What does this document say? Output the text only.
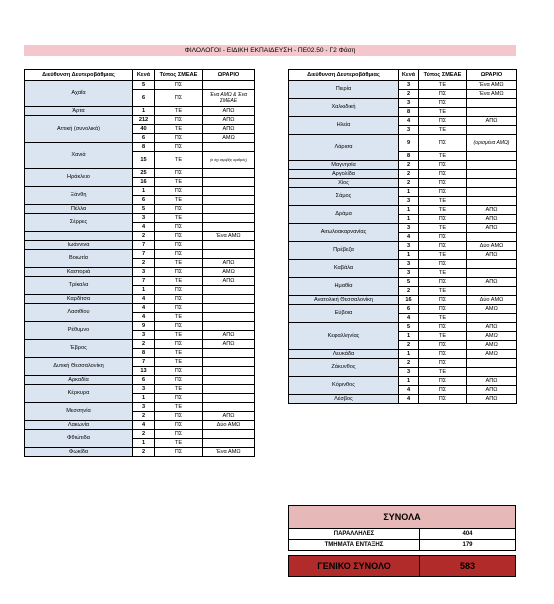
ΦΙΛΟΛΟΓΟΙ - ΕΙΔΙΚΗ ΕΚΠΑΙΔΕΥΣΗ - ΠΕ02.50 - Γ2 Φάση
Διεύθυνση Δευτεροβάθμιας	Κενά	Τύπος ΣΜΕΑΕ	ΩΡΑΡΙΟ
Αχαΐα	5	ΠΣ	
	6	ΠΣ	Ένα ΑΜΩ & Ένα ΣΜΕΑΕ
Άρτα	1	ΤΕ	ΑΠΩ
Αττική (συνολικά)	212	ΠΣ	ΑΠΩ
	40	ΤΕ	ΑΠΩ
	6	ΠΣ	ΑΜΩ
Χανιά	8	ΠΣ	
	15	ΤΕ	(ο όχι ακριβής αριθμός)
Ηράκλειο	25	ΠΣ	
	16	ΤΕ	
Ξάνθη	1	ΠΣ	
	6	ΤΕ	
Πέλλα	5	ΠΣ	
Σέρρες	3	ΤΕ	
	4	ΠΣ	
	2	ΠΣ	Ένα ΑΜΩ
Ιωάννινα	7	ΠΣ	
Βοιωτία	7	ΠΣ	
	2	ΤΕ	ΑΠΩ
Καστοριά	3	ΠΣ	ΑΜΩ
Τρίκαλα	7	ΤΕ	ΑΠΩ
	1	ΠΣ	
Καρδίτσα	4	ΠΣ	
Λασιθίου	4	ΠΣ	
	4	ΤΕ	
Ρέθυμνο	9	ΠΣ	
	3	ΤΕ	ΑΠΩ
Έβρος	2	ΠΣ	ΑΠΩ
	8	ΤΕ	
Δυτική Θεσσαλονίκη	7	ΤΕ	
	13	ΠΣ	
Αρκαδία	6	ΠΣ	
Κέρκυρα	3	ΤΕ	
	1	ΠΣ	
Μεσσηνία	3	ΤΕ	
	2	ΠΣ	ΑΠΩ
Λακωνία	4	ΠΣ	Δύο ΑΜΩ
Φθιώτιδα	2	ΠΣ	
	1	ΤΕ	
Φωκίδα	2	ΠΣ	Ένα ΑΜΩ
Διεύθυνση Δευτεροβάθμιας	Κενά	Τύπος ΣΜΕΑΕ	ΩΡΑΡΙΟ
Πιερία	3	ΤΕ	Ένα ΑΜΩ
	2	ΠΣ	Ένα ΑΜΩ
Χαλκιδική	3	ΠΣ	
	8	ΤΕ	
Ηλεία	4	ΠΣ	ΑΠΩ
	3	ΤΕ	
Λάρισα	9	ΠΣ	(ορισμένα ΑΜΩ)
	8	ΤΕ	
Μαγνησία	2	ΠΣ	
Αργολίδα	2	ΠΣ	
Χίος	2	ΠΣ	
Σάμος	1	ΠΣ	
	3	ΤΕ	
Δράμα	1	ΤΕ	ΑΠΩ
	1	ΠΣ	ΑΠΩ
Αιτωλοακαρνανίας	3	ΤΕ	ΑΠΩ
	4	ΠΣ	
Πρέβεζα	3	ΠΣ	Δύο ΑΜΩ
	1	ΤΕ	ΑΠΩ
Καβάλα	3	ΠΣ	
	3	ΤΕ	
Ημαθία	5	ΠΣ	ΑΠΩ
	2	ΤΕ	
Ανατολική Θεσσαλονίκη	16	ΠΣ	Δύο ΑΜΩ
Εύβοια	6	ΠΣ	ΑΜΩ
	4	ΤΕ	
Κεφαλληνίας	5	ΠΣ	ΑΠΩ
	1	ΤΕ	ΑΜΩ
	2	ΠΣ	ΑΜΩ
Λευκάδα	1	ΠΣ	ΑΜΩ
Ζάκυνθος	2	ΠΣ	
	3	ΤΕ	
Κόρινθος	1	ΠΣ	ΑΠΩ
	4	ΠΣ	ΑΠΩ
Λέσβος	4	ΠΣ	ΑΠΩ
ΣΥΝΟΛΑ
ΠΑΡΑΛΛΗΛΕΣ	404
ΤΜΗΜΑΤΑ ΕΝΤΑΞΗΣ	179
ΓΕΝΙΚΟ ΣΥΝΟΛΟ	583
